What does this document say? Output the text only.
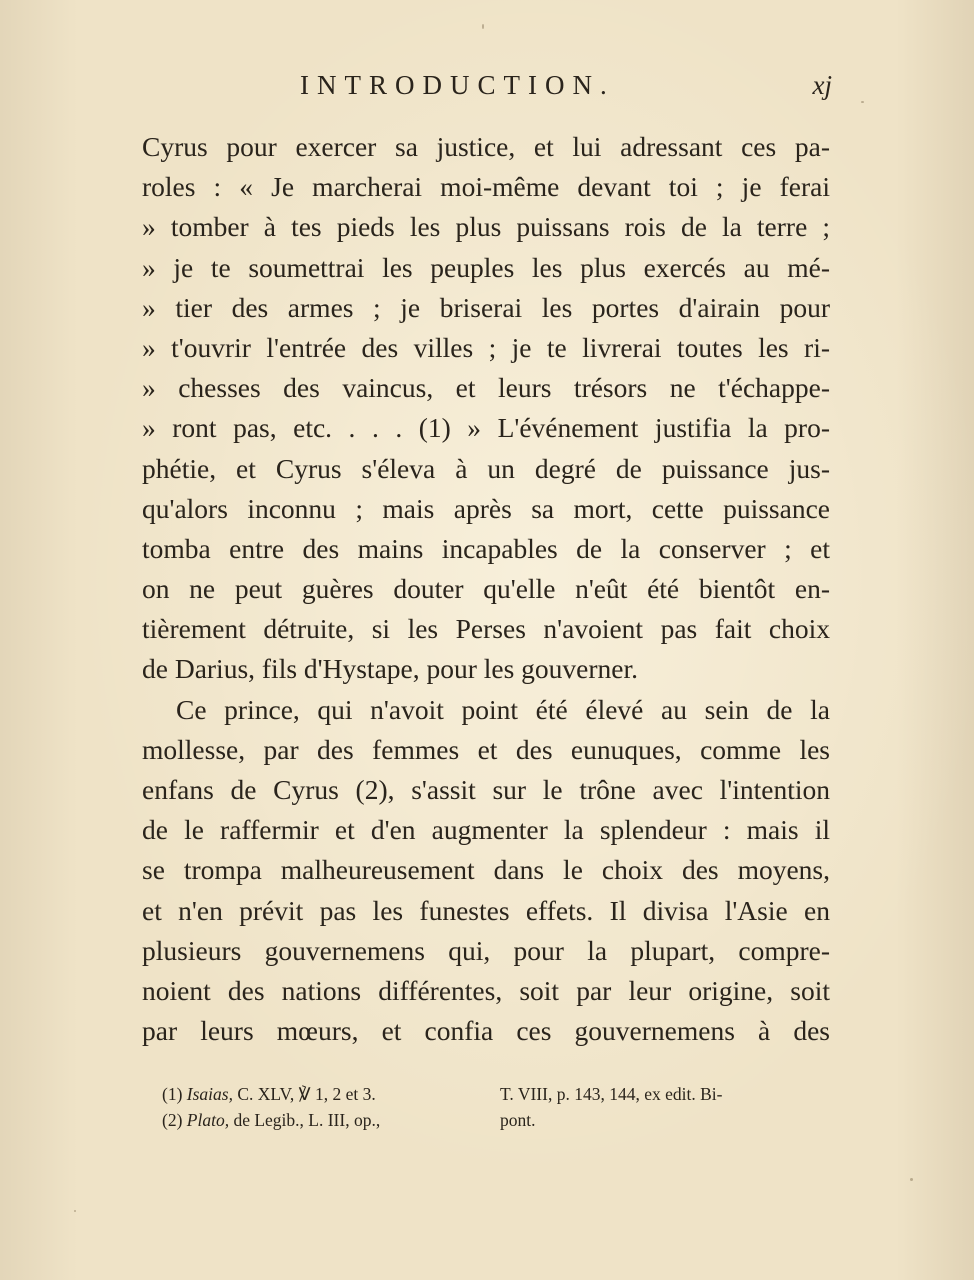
INTRODUCTION.	xj
Cyrus pour exercer sa justice, et lui adressant ces pa-
roles : « Je marcherai moi-même devant toi ; je ferai
» tomber à tes pieds les plus puissans rois de la terre ;
» je te soumettrai les peuples les plus exercés au mé-
» tier des armes ; je briserai les portes d'airain pour
» t'ouvrir l'entrée des villes ; je te livrerai toutes les ri-
» chesses des vaincus, et leurs trésors ne t'échappe-
» ront pas, etc. . . . (1) » L'événement justifia la pro-
phétie, et Cyrus s'éleva à un degré de puissance jus-
qu'alors inconnu ; mais après sa mort, cette puissance
tomba entre des mains incapables de la conserver ; et
on ne peut guères douter qu'elle n'eût été bientôt en-
tièrement détruite, si les Perses n'avoient pas fait choix
de Darius, fils d'Hystape, pour les gouverner.
Ce prince, qui n'avoit point été élevé au sein de la
mollesse, par des femmes et des eunuques, comme les
enfans de Cyrus (2), s'assit sur le trône avec l'intention
de le raffermir et d'en augmenter la splendeur : mais il
se trompa malheureusement dans le choix des moyens,
et n'en prévit pas les funestes effets. Il divisa l'Asie en
plusieurs gouvernemens qui, pour la plupart, compre-
noient des nations différentes, soit par leur origine, soit
par leurs mœurs, et confia ces gouvernemens à des
(1) Isaias, C. XLV, ℣ 1, 2 et 3.	T. VIII, p. 143, 144, ex edit. Bi-
(2) Plato, de Legib., L. III, op.,	pont.
